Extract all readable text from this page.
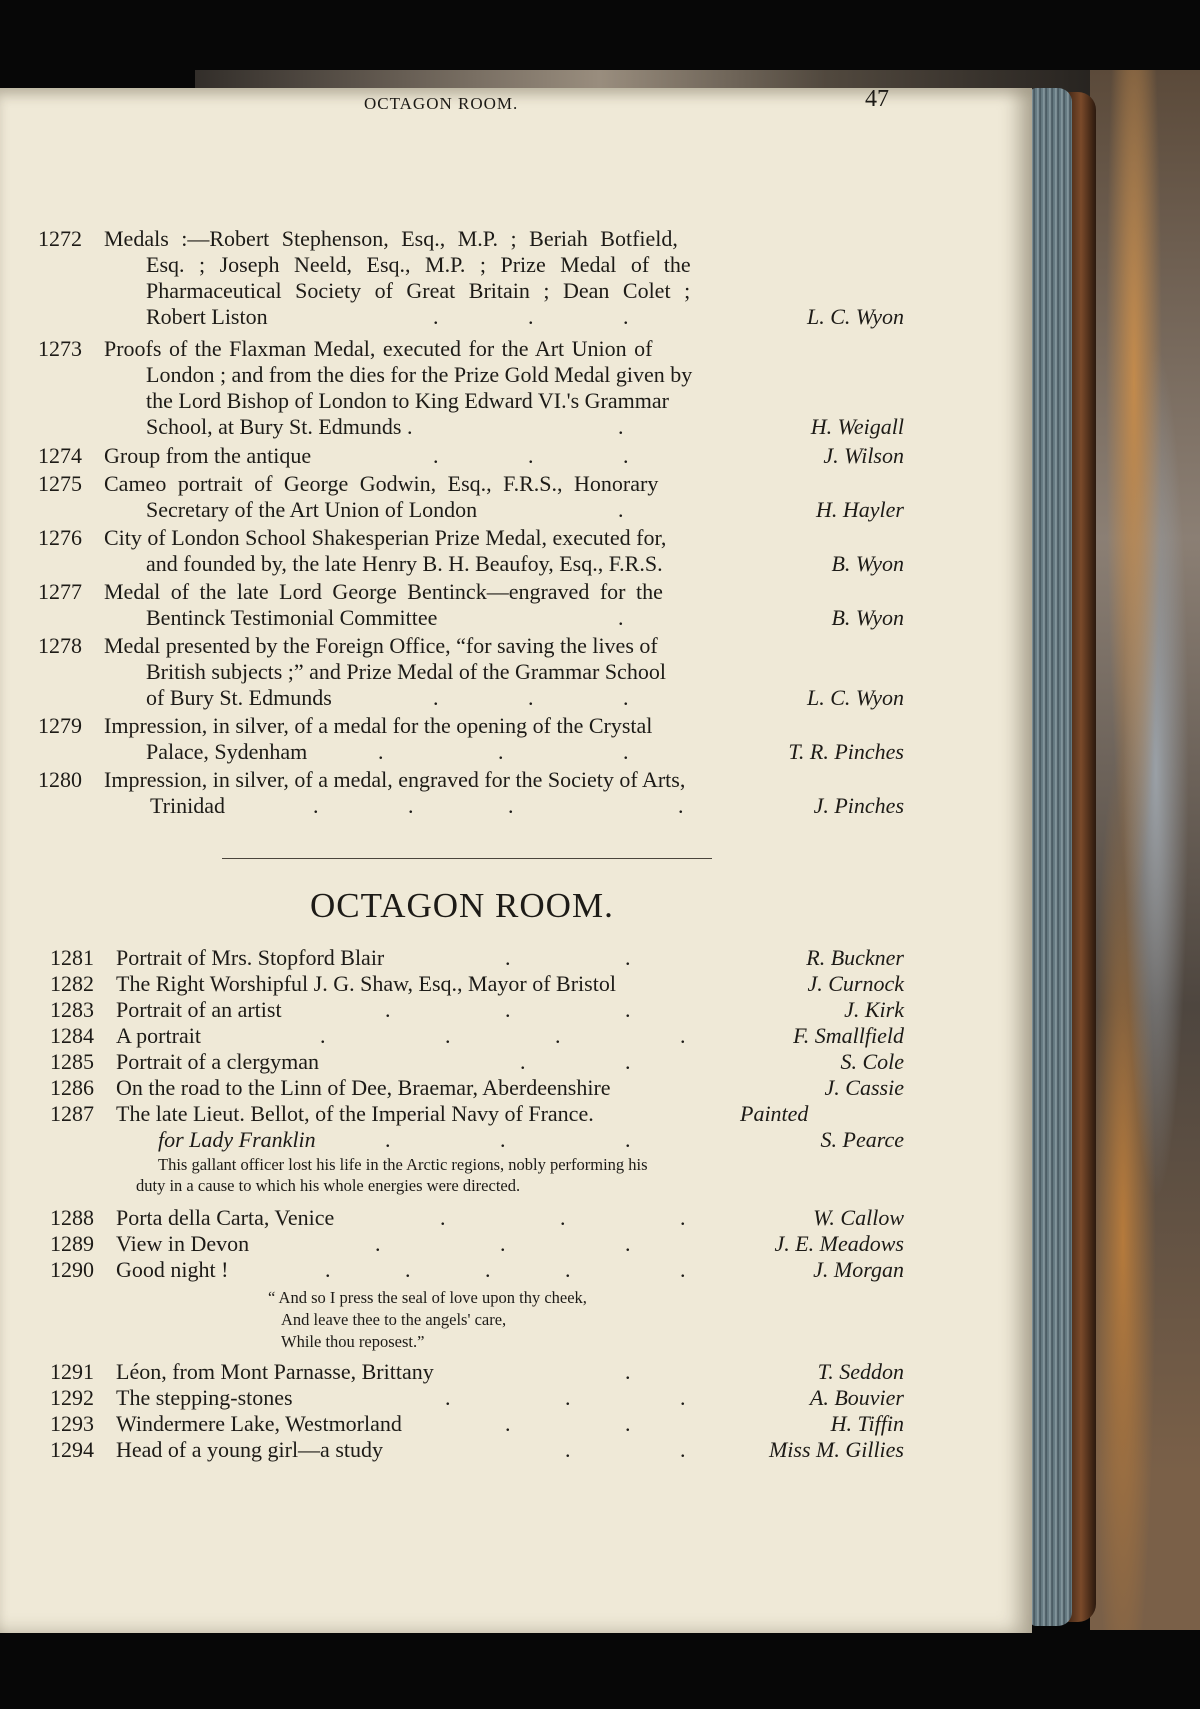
OCTAGON ROOM.	47
1272	Medals :—Robert Stephenson, Esq., M.P. ; Beriah Botfield,
Esq. ; Joseph Neeld, Esq., M.P. ; Prize Medal of the
Pharmaceutical Society of Great Britain ; Dean Colet ;
Robert Liston	.	.	.	L. C. Wyon
1273	Proofs of the Flaxman Medal, executed for the Art Union of
London ; and from the dies for the Prize Gold Medal given by
the Lord Bishop of London to King Edward VI.'s Grammar
School, at Bury St. Edmunds .	.	H. Weigall
1274	Group from the antique	.	.	.	J. Wilson
1275	Cameo portrait of George Godwin, Esq., F.R.S., Honorary
Secretary of the Art Union of London	.	H. Hayler
1276	City of London School Shakesperian Prize Medal, executed for,
and founded by, the late Henry B. H. Beaufoy, Esq., F.R.S.	B. Wyon
1277	Medal of the late Lord George Bentinck—engraved for the
Bentinck Testimonial Committee	.	B. Wyon
1278	Medal presented by the Foreign Office, “for saving the lives of
British subjects ;” and Prize Medal of the Grammar School
of Bury St. Edmunds	.	.	.	L. C. Wyon
1279	Impression, in silver, of a medal for the opening of the Crystal
Palace, Sydenham	.	.	.	T. R. Pinches
1280	Impression, in silver, of a medal, engraved for the Society of Arts,
Trinidad	.	.	.	.	J. Pinches
OCTAGON ROOM.
1281	Portrait of Mrs. Stopford Blair	.	.	R. Buckner
1282	The Right Worshipful J. G. Shaw, Esq., Mayor of Bristol	J. Curnock
1283	Portrait of an artist	.	.	.	J. Kirk
1284	A portrait	.	.	.	.	F. Smallfield
1285	Portrait of a clergyman	.	.	S. Cole
1286	On the road to the Linn of Dee, Braemar, Aberdeenshire	J. Cassie
1287	The late Lieut. Bellot, of the Imperial Navy of France.	Painted
for Lady Franklin	.	.	.	S. Pearce
This gallant officer lost his life in the Arctic regions, nobly performing his
duty in a cause to which his whole energies were directed.
1288	Porta della Carta, Venice	.	.	.	W. Callow
1289	View in Devon	.	.	.	J. E. Meadows
1290	Good night !	.	.	.	.	.	J. Morgan
“ And so I press the seal of love upon thy cheek,
And leave thee to the angels' care,
While thou reposest.”
1291	Léon, from Mont Parnasse, Brittany	.	T. Seddon
1292	The stepping-stones	.	.	.	A. Bouvier
1293	Windermere Lake, Westmorland	.	.	H. Tiffin
1294	Head of a young girl—a study	.	.	Miss M. Gillies
